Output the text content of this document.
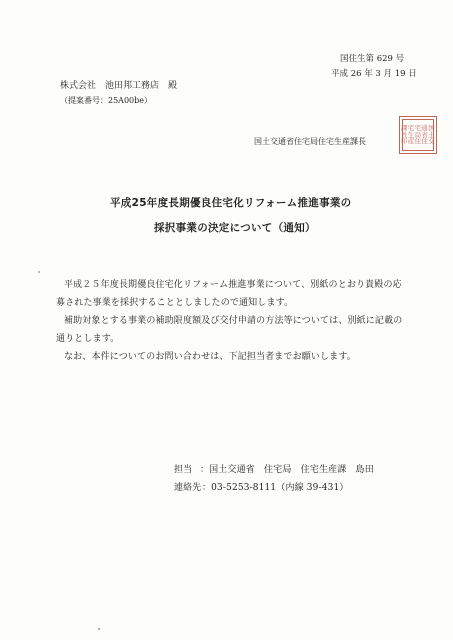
国住生第 629 号
平成 26 年 3 月 19 日
株式会社　池田邦工務店　殿
（提案番号：25A00be）
国土交通省住宅局住宅生産課長
国土交
通省住
宅局住
宅生産
課長印
平成25年度長期優良住宅化リフォーム推進事業の
採択事業の決定について（通知）
平成２５年度長期優良住宅化リフォーム推進事業について、別紙のとおり貴殿の応
募された事業を採択することとしましたので通知します。
補助対象とする事業の補助限度額及び交付申請の方法等については、別紙に記載の
通りとします。
なお、本件についてのお問い合わせは、下記担当者までお願いします。
担当 ：国土交通省　住宅局　住宅生産課　島田
連絡先 ：03-5253-8111（内線 39-431）
